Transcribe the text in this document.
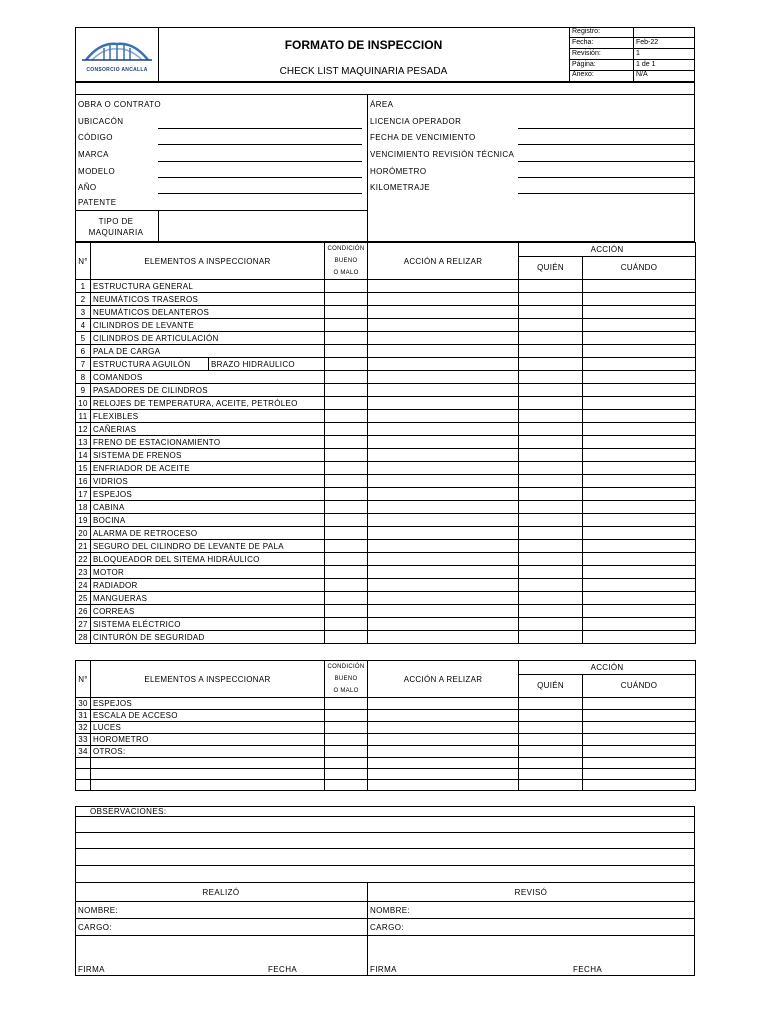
CONSORCIO ANCALLA
FORMATO DE INSPECCION
CHECK LIST MAQUINARIA PESADA
Registro:
Fecha:	Feb-22
Revisión:	1
Página:	1 de 1
Anexo:	N/A
OBRA O CONTRATO	ÁREA
UBICACÓN
CÓDIGO
MARCA
MODELO
AÑO
PATENTE
LICENCIA OPERADOR
FECHA DE VENCIMIENTO
VENCIMIENTO REVISIÓN TÉCNICA
HORÓMETRO
KILOMETRAJE
TIPO DE MAQUINARIA
N°	ELEMENTOS A INSPECCIONAR		CONDICIÓN
BUENO
O MALO	ACCIÓN A RELIZAR	ACCIÓN	
					QUIÉN	CUÁNDO
1	ESTRUCTURA GENERAL					
2	NEUMÁTICOS TRASEROS					
3	NEUMÁTICOS DELANTEROS					
4	CILINDROS DE LEVANTE					
5	CILINDROS DE ARTICULACIÓN					
6	PALA DE CARGA					
7	ESTRUCTURA AGUILÓN	BRAZO HIDRAULICO				
8	COMANDOS					
9	PASADORES DE CILINDROS					
10	RELOJES DE TEMPERATURA, ACEITE, PETRÓLEO					
11	FLEXIBLES					
12	CAÑERIAS					
13	FRENO DE ESTACIONAMIENTO					
14	SISTEMA DE FRENOS					
15	ENFRIADOR DE ACEITE					
16	VIDRIOS					
17	ESPEJOS					
18	CABINA					
19	BOCINA					
20	ALARMA DE RETROCESO					
21	SEGURO DEL CILINDRO DE LEVANTE DE PALA					
22	BLOQUEADOR DEL SITEMA HIDRÁULICO					
23	MOTOR					
24	RADIADOR					
25	MANGUERAS					
26	CORREAS					
27	SISTEMA ELÉCTRICO					
28	CINTURÓN DE SEGURIDAD					
N°	ELEMENTOS A INSPECCIONAR	CONDICIÓN
BUENO
O MALO	ACCIÓN A RELIZAR	ACCIÓN	
				QUIÉN	CUÁNDO
30	ESPEJOS				
31	ESCALA DE ACCESO				
32	LUCES				
33	HOROMETRO				
34	OTROS:				

OBSERVACIONES:
REALIZÓ	REVISÓ
NOMBRE:	NOMBRE:
CARGO:	CARGO:
FIRMA	FECHA	FIRMA	FECHA
